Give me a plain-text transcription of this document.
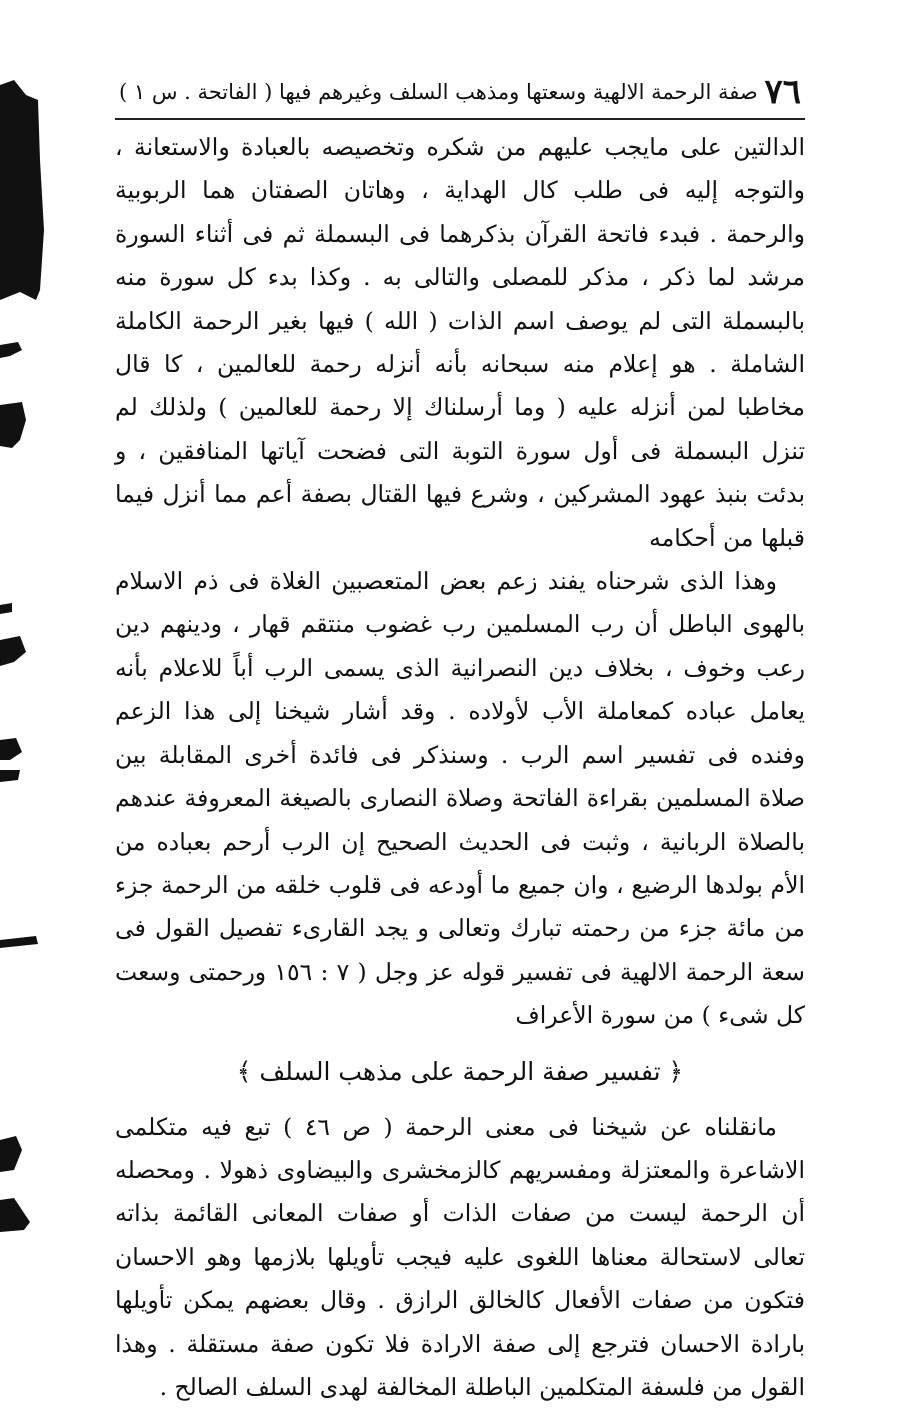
٧٦
صفة الرحمة الالهية وسعتها ومذهب السلف وغيرهم فيها ( الفاتحة . س ١ )

الدالتين على مايجب عليهم من شكره وتخصيصه بالعبادة والاستعانة ، والتوجه إليه فى طلب كال الهداية ، وهاتان الصفتان هما الربوبية والرحمة . فبدء فاتحة القرآن بذكرهما فى البسملة ثم فى أثناء السورة مرشد لما ذكر ، مذكر للمصلى والتالى به . وكذا بدء كل سورة منه بالبسملة التى لم يوصف اسم الذات ( الله ) فيها بغير الرحمة الكاملة الشاملة . هو إعلام منه سبحانه بأنه أنزله رحمة للعالمين ، كا قال مخاطبا لمن أنزله عليه ( وما أرسلناك إلا رحمة للعالمين ) ولذلك لم تنزل البسملة فى أول سورة التوبة التى فضحت آياتها المنافقين ، و بدئت بنبذ عهود المشركين ، وشرع فيها القتال بصفة أعم مما أنزل فيما قبلها من أحكامه

وهذا الذى شرحناه يفند زعم بعض المتعصبين الغلاة فى ذم الاسلام بالهوى الباطل أن رب المسلمين رب غضوب منتقم قهار ، ودينهم دين رعب وخوف ، بخلاف دين النصرانية الذى يسمى الرب أباً للاعلام بأنه يعامل عباده كمعاملة الأب لأولاده . وقد أشار شيخنا إلى هذا الزعم وفنده فى تفسير اسم الرب . وسنذكر فى فائدة أخرى المقابلة بين صلاة المسلمين بقراءة الفاتحة وصلاة النصارى بالصيغة المعروفة عندهم بالصلاة الربانية ، وثبت فى الحديث الصحيح إن الرب أرحم بعباده من الأم بولدها الرضيع ، وان جميع ما أودعه فى قلوب خلقه من الرحمة جزء من مائة جزء من رحمته تبارك وتعالى و يجد القارىء تفصيل القول فى سعة الرحمة الالهية فى تفسير قوله عز وجل ( ٧ : ١٥٦ ورحمتى وسعت كل شىء ) من سورة الأعراف

﴿ تفسير صفة الرحمة على مذهب السلف ﴾

مانقلناه عن شيخنا فى معنى الرحمة ( ص ٤٦ ) تبع فيه متكلمى الاشاعرة والمعتزلة ومفسريهم كالزمخشرى والبيضاوى ذهولا . ومحصله أن الرحمة ليست من صفات الذات أو صفات المعانى القائمة بذاته تعالى لاستحالة معناها اللغوى عليه فيجب تأويلها بلازمها وهو الاحسان فتكون من صفات الأفعال كالخالق الرازق . وقال بعضهم يمكن تأويلها بارادة الاحسان فترجع إلى صفة الارادة فلا تكون صفة مستقلة . وهذا القول من فلسفة المتكلمين الباطلة المخالفة لهدى السلف الصالح .
